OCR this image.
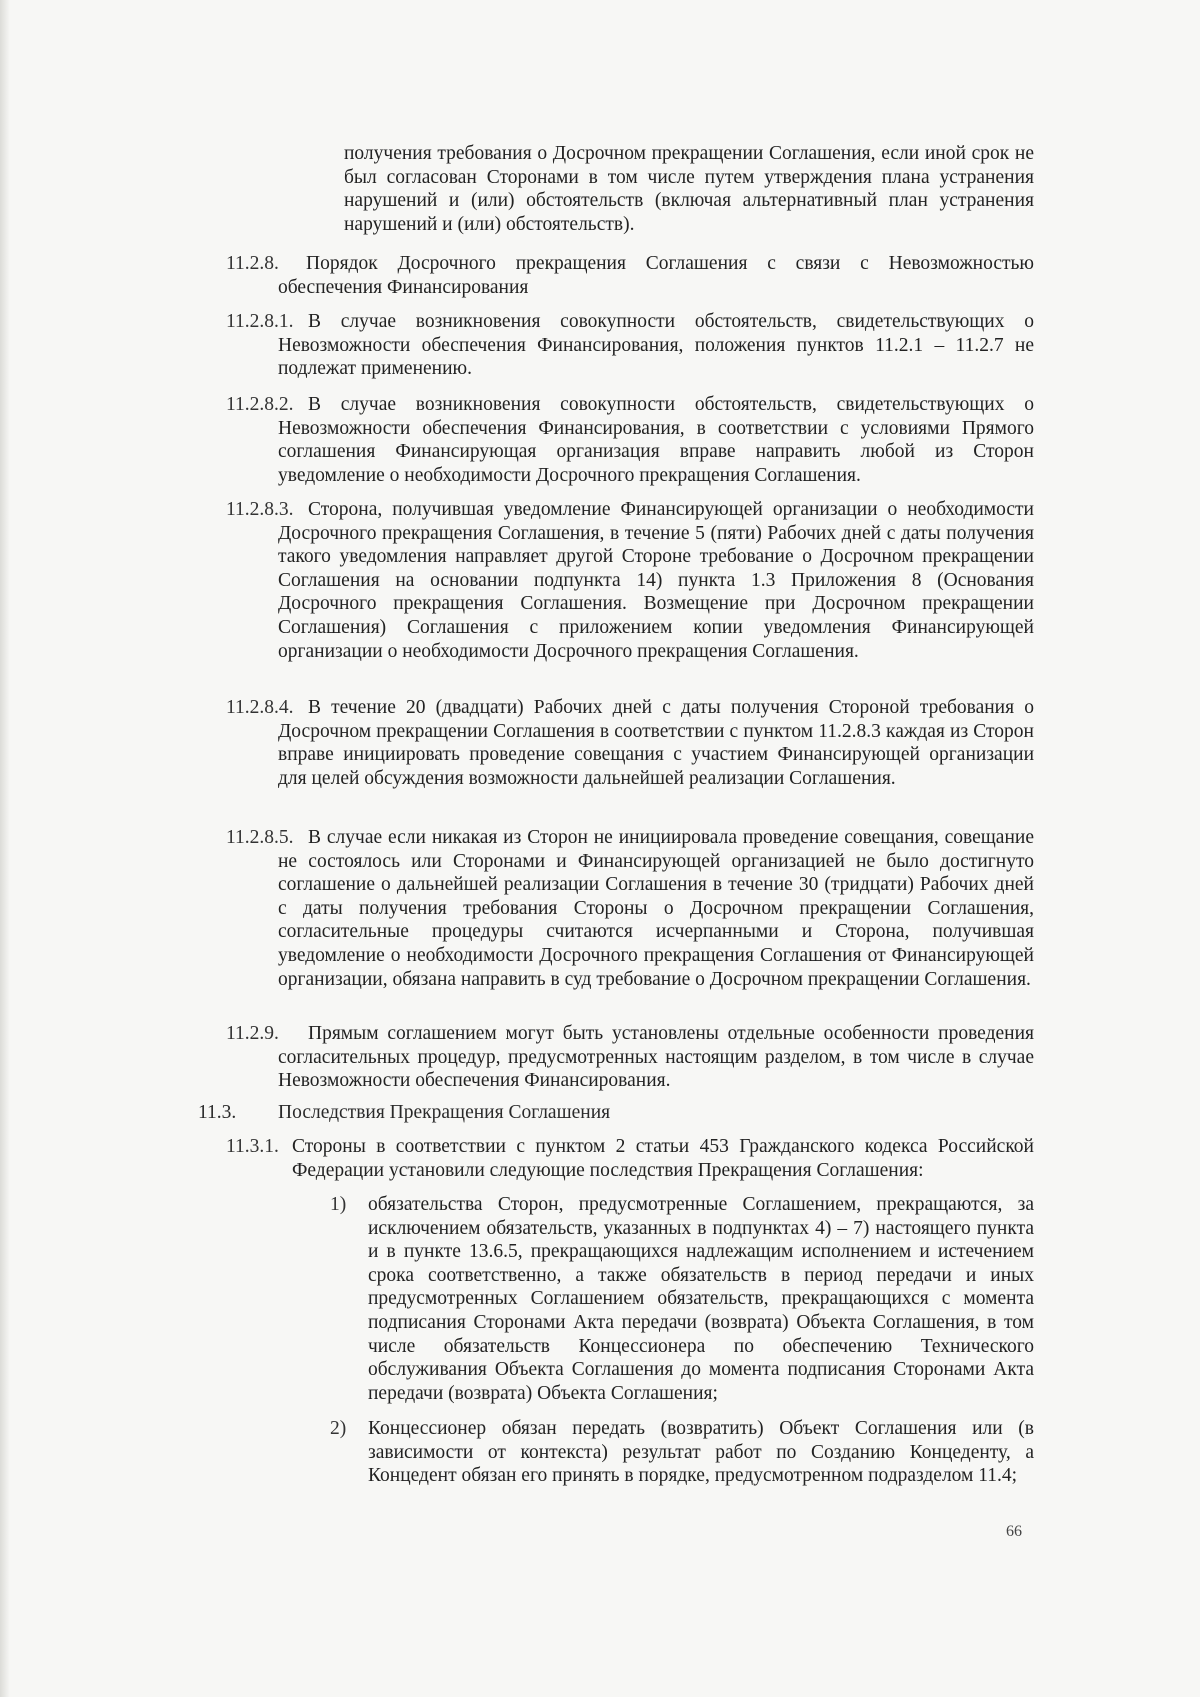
получения требования о Досрочном прекращении Соглашения, если иной срок не был согласован Сторонами в том числе путем утверждения плана устранения нарушений и (или) обстоятельств (включая альтернативный план устранения нарушений и (или) обстоятельств).
11.2.8.	Порядок Досрочного прекращения Соглашения с связи с Невозможностью обеспечения Финансирования
11.2.8.1. В случае возникновения совокупности обстоятельств, свидетельствующих о Невозможности обеспечения Финансирования, положения пунктов 11.2.1 – 11.2.7 не подлежат применению.
11.2.8.2. В случае возникновения совокупности обстоятельств, свидетельствующих о Невозможности обеспечения Финансирования, в соответствии с условиями Прямого соглашения Финансирующая организация вправе направить любой из Сторон уведомление о необходимости Досрочного прекращения Соглашения.
11.2.8.3. Сторона, получившая уведомление Финансирующей организации о необходимости Досрочного прекращения Соглашения, в течение 5 (пяти) Рабочих дней с даты получения такого уведомления направляет другой Стороне требование о Досрочном прекращении Соглашения на основании подпункта 14) пункта 1.3 Приложения 8 (Основания Досрочного прекращения Соглашения. Возмещение при Досрочном прекращении Соглашения) Соглашения с приложением копии уведомления Финансирующей организации о необходимости Досрочного прекращения Соглашения.
11.2.8.4. В течение 20 (двадцати) Рабочих дней с даты получения Стороной требования о Досрочном прекращении Соглашения в соответствии с пунктом 11.2.8.3 каждая из Сторон вправе инициировать проведение совещания с участием Финансирующей организации для целей обсуждения возможности дальнейшей реализации Соглашения.
11.2.8.5. В случае если никакая из Сторон не инициировала проведение совещания, совещание не состоялось или Сторонами и Финансирующей организацией не было достигнуто соглашение о дальнейшей реализации Соглашения в течение 30 (тридцати) Рабочих дней с даты получения требования Стороны о Досрочном прекращении Соглашения, согласительные процедуры считаются исчерпанными и Сторона, получившая уведомление о необходимости Досрочного прекращения Соглашения от Финансирующей организации, обязана направить в суд требование о Досрочном прекращении Соглашения.
11.2.9.	Прямым соглашением могут быть установлены отдельные особенности проведения согласительных процедур, предусмотренных настоящим разделом, в том числе в случае Невозможности обеспечения Финансирования.
11.3. Последствия Прекращения Соглашения
11.3.1. Стороны в соответствии с пунктом 2 статьи 453 Гражданского кодекса Российской Федерации установили следующие последствия Прекращения Соглашения:
1) обязательства Сторон, предусмотренные Соглашением, прекращаются, за исключением обязательств, указанных в подпунктах 4) – 7) настоящего пункта и в пункте 13.6.5, прекращающихся надлежащим исполнением и истечением срока соответственно, а также обязательств в период передачи и иных предусмотренных Соглашением обязательств, прекращающихся с момента подписания Сторонами Акта передачи (возврата) Объекта Соглашения, в том числе обязательств Концессионера по обеспечению Технического обслуживания Объекта Соглашения до момента подписания Сторонами Акта передачи (возврата) Объекта Соглашения;
2) Концессионер обязан передать (возвратить) Объект Соглашения или (в зависимости от контекста) результат работ по Созданию Концеденту, а Концедент обязан его принять в порядке, предусмотренном подразделом 11.4;
66
